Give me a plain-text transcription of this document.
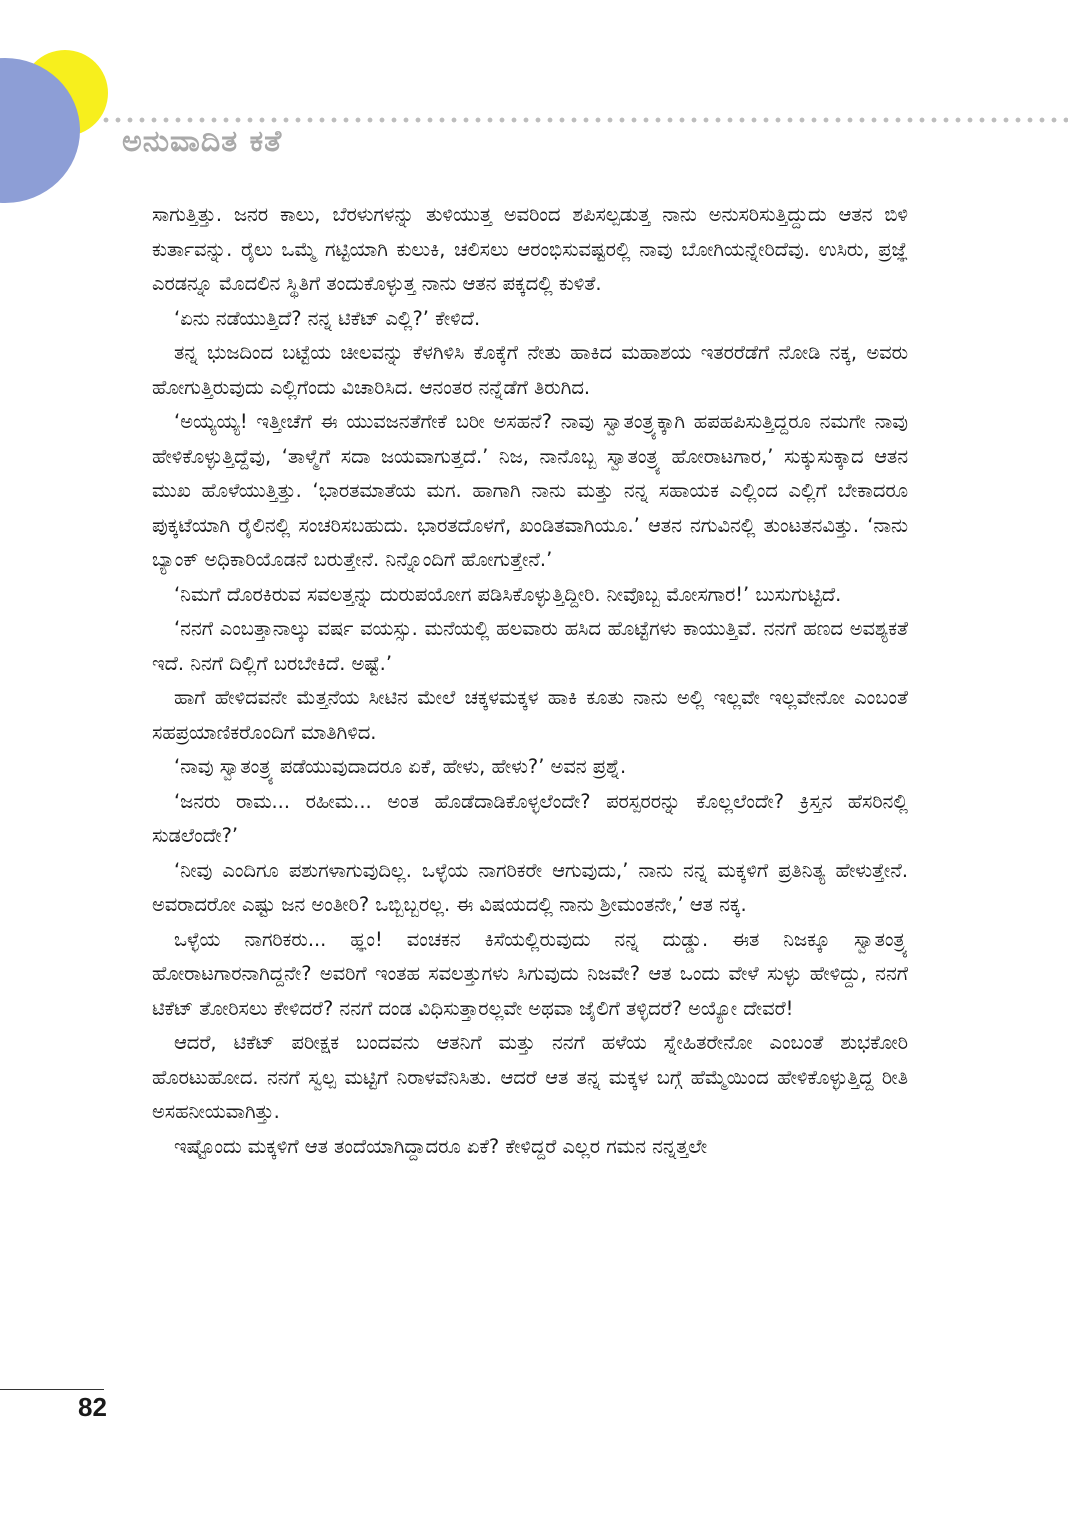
ಅನುವಾದಿತ ಕತೆ

ಸಾಗುತ್ತಿತ್ತು. ಜನರ ಕಾಲು, ಬೆರಳುಗಳನ್ನು ತುಳಿಯುತ್ತ ಅವರಿಂದ ಶಪಿಸಲ್ಪಡುತ್ತ ನಾನು ಅನುಸರಿಸುತ್ತಿದ್ದುದು ಆತನ ಬಿಳಿ ಕುರ್ತಾವನ್ನು. ರೈಲು ಒಮ್ಮೆ ಗಟ್ಟಿಯಾಗಿ ಕುಲುಕಿ, ಚಲಿಸಲು ಆರಂಭಿಸುವಷ್ಟರಲ್ಲಿ ನಾವು ಬೋಗಿಯನ್ನೇರಿದೆವು. ಉಸಿರು, ಪ್ರಜ್ಞೆ ಎರಡನ್ನೂ ಮೊದಲಿನ ಸ್ಥಿತಿಗೆ ತಂದುಕೊಳ್ಳುತ್ತ ನಾನು ಆತನ ಪಕ್ಕದಲ್ಲಿ ಕುಳಿತೆ.

‘ಏನು ನಡೆಯುತ್ತಿದೆ? ನನ್ನ ಟಿಕೆಟ್ ಎಲ್ಲಿ?’ ಕೇಳಿದೆ.

ತನ್ನ ಭುಜದಿಂದ ಬಟ್ಟೆಯ ಚೀಲವನ್ನು ಕೆಳಗಿಳಿಸಿ ಕೊಕ್ಕೆಗೆ ನೇತು ಹಾಕಿದ ಮಹಾಶಯ ಇತರರೆಡೆಗೆ ನೋಡಿ ನಕ್ಕ, ಅವರು ಹೋಗುತ್ತಿರುವುದು ಎಲ್ಲಿಗೆಂದು ವಿಚಾರಿಸಿದ. ಆನಂತರ ನನ್ನೆಡೆಗೆ ತಿರುಗಿದ.

‘ಅಯ್ಯಯ್ಯ! ಇತ್ತೀಚೆಗೆ ಈ ಯುವಜನತೆಗೇಕೆ ಬರೀ ಅಸಹನೆ? ನಾವು ಸ್ವಾತಂತ್ರ್ಯಕ್ಕಾಗಿ ಹಪಹಪಿಸುತ್ತಿದ್ದರೂ ನಮಗೇ ನಾವು ಹೇಳಿಕೊಳ್ಳುತ್ತಿದ್ದೆವು, ‘ತಾಳ್ಮೆಗೆ ಸದಾ ಜಯವಾಗುತ್ತದೆ.’ ನಿಜ, ನಾನೊಬ್ಬ ಸ್ವಾತಂತ್ರ್ಯ ಹೋರಾಟಗಾರ,’ ಸುಕ್ಕುಸುಕ್ಕಾದ ಆತನ ಮುಖ ಹೊಳೆಯುತ್ತಿತ್ತು. ‘ಭಾರತಮಾತೆಯ ಮಗ. ಹಾಗಾಗಿ ನಾನು ಮತ್ತು ನನ್ನ ಸಹಾಯಕ ಎಲ್ಲಿಂದ ಎಲ್ಲಿಗೆ ಬೇಕಾದರೂ ಪುಕ್ಕಟೆಯಾಗಿ ರೈಲಿನಲ್ಲಿ ಸಂಚರಿಸಬಹುದು. ಭಾರತದೊಳಗೆ, ಖಂಡಿತವಾಗಿಯೂ.’ ಆತನ ನಗುವಿನಲ್ಲಿ ತುಂಟತನವಿತ್ತು. ‘ನಾನು ಬ್ಯಾಂಕ್ ಅಧಿಕಾರಿಯೊಡನೆ ಬರುತ್ತೇನೆ. ನಿನ್ನೊಂದಿಗೆ ಹೋಗುತ್ತೇನೆ.’

‘ನಿಮಗೆ ದೊರಕಿರುವ ಸವಲತ್ತನ್ನು ದುರುಪಯೋಗ ಪಡಿಸಿಕೊಳ್ಳುತ್ತಿದ್ದೀರಿ. ನೀವೊಬ್ಬ ಮೋಸಗಾರ!’ ಬುಸುಗುಟ್ಟಿದೆ.

‘ನನಗೆ ಎಂಬತ್ತಾನಾಲ್ಕು ವರ್ಷ ವಯಸ್ಸು. ಮನೆಯಲ್ಲಿ ಹಲವಾರು ಹಸಿದ ಹೊಟ್ಟೆಗಳು ಕಾಯುತ್ತಿವೆ. ನನಗೆ ಹಣದ ಅವಶ್ಯಕತೆ ಇದೆ. ನಿನಗೆ ದಿಲ್ಲಿಗೆ ಬರಬೇಕಿದೆ. ಅಷ್ಟೆ.’

ಹಾಗೆ ಹೇಳಿದವನೇ ಮೆತ್ತನೆಯ ಸೀಟಿನ ಮೇಲೆ ಚಕ್ಕಳಮಕ್ಕಳ ಹಾಕಿ ಕೂತು ನಾನು ಅಲ್ಲಿ ಇಲ್ಲವೇ ಇಲ್ಲವೇನೋ ಎಂಬಂತೆ ಸಹಪ್ರಯಾಣಿಕರೊಂದಿಗೆ ಮಾತಿಗಿಳಿದ.

‘ನಾವು ಸ್ವಾತಂತ್ರ್ಯ ಪಡೆಯುವುದಾದರೂ ಏಕೆ, ಹೇಳು, ಹೇಳು?’ ಅವನ ಪ್ರಶ್ನೆ.

‘ಜನರು ರಾಮ... ರಹೀಮ... ಅಂತ ಹೊಡೆದಾಡಿಕೊಳ್ಳಲೆಂದೇ? ಪರಸ್ಪರರನ್ನು ಕೊಲ್ಲಲೆಂದೇ? ಕ್ರಿಸ್ತನ ಹೆಸರಿನಲ್ಲಿ ಸುಡಲೆಂದೇ?’

‘ನೀವು ಎಂದಿಗೂ ಪಶುಗಳಾಗುವುದಿಲ್ಲ. ಒಳ್ಳೆಯ ನಾಗರಿಕರೇ ಆಗುವುದು,’ ನಾನು ನನ್ನ ಮಕ್ಕಳಿಗೆ ಪ್ರತಿನಿತ್ಯ ಹೇಳುತ್ತೇನೆ. ಅವರಾದರೋ ಎಷ್ಟು ಜನ ಅಂತೀರಿ? ಒಬ್ಬಿಬ್ಬರಲ್ಲ. ಈ ವಿಷಯದಲ್ಲಿ ನಾನು ಶ್ರೀಮಂತನೇ,’ ಆತ ನಕ್ಕ.

ಒಳ್ಳೆಯ ನಾಗರಿಕರು... ಹ್ಞಂ! ವಂಚಕನ ಕಿಸೆಯಲ್ಲಿರುವುದು ನನ್ನ ದುಡ್ಡು. ಈತ ನಿಜಕ್ಕೂ ಸ್ವಾತಂತ್ರ್ಯ ಹೋರಾಟಗಾರನಾಗಿದ್ದನೇ? ಅವರಿಗೆ ಇಂತಹ ಸವಲತ್ತುಗಳು ಸಿಗುವುದು ನಿಜವೇ? ಆತ ಒಂದು ವೇಳೆ ಸುಳ್ಳು ಹೇಳಿದ್ದು, ನನಗೆ ಟಿಕೆಟ್ ತೋರಿಸಲು ಕೇಳಿದರೆ? ನನಗೆ ದಂಡ ವಿಧಿಸುತ್ತಾರಲ್ಲವೇ ಅಥವಾ ಜೈಲಿಗೆ ತಳ್ಳಿದರೆ? ಅಯ್ಯೋ ದೇವರೆ!

ಆದರೆ, ಟಿಕೆಟ್ ಪರೀಕ್ಷಕ ಬಂದವನು ಆತನಿಗೆ ಮತ್ತು ನನಗೆ ಹಳೆಯ ಸ್ನೇಹಿತರೇನೋ ಎಂಬಂತೆ ಶುಭಕೋರಿ ಹೊರಟುಹೋದ. ನನಗೆ ಸ್ವಲ್ಪ ಮಟ್ಟಿಗೆ ನಿರಾಳವೆನಿಸಿತು. ಆದರೆ ಆತ ತನ್ನ ಮಕ್ಕಳ ಬಗ್ಗೆ ಹೆಮ್ಮೆಯಿಂದ ಹೇಳಿಕೊಳ್ಳುತ್ತಿದ್ದ ರೀತಿ ಅಸಹನೀಯವಾಗಿತ್ತು.

ಇಷ್ಟೊಂದು ಮಕ್ಕಳಿಗೆ ಆತ ತಂದೆಯಾಗಿದ್ದಾದರೂ ಏಕೆ? ಕೇಳಿದ್ದರೆ ಎಲ್ಲರ ಗಮನ ನನ್ನತ್ತಲೇ

82
